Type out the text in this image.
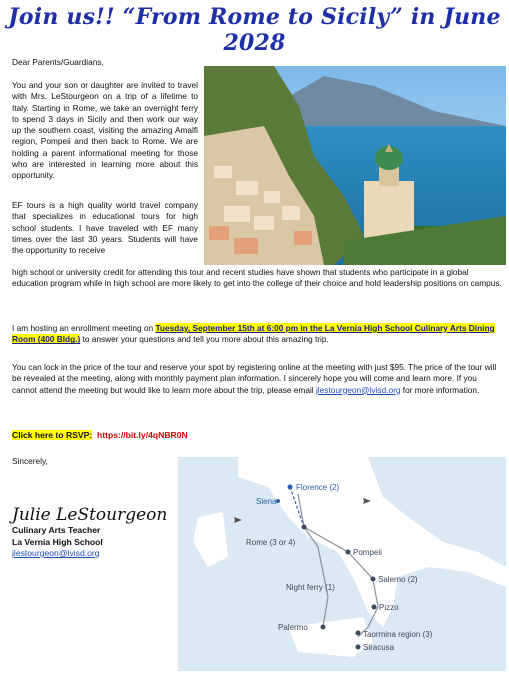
Join us!! “From Rome to Sicily” in June 2028
Dear Parents/Guardians,
You and your son or daughter are invited to travel with Mrs. LeStourgeon on a trip of a lifetime to Italy. Starting in Rome, we take an overnight ferry to spend 3 days in Sicily and then work our way up the southern coast, visiting the amazing Amalfi region, Pompeii and then back to Rome. We are holding a parent informational meeting for those who are interested in learning more about this opportunity.
EF tours is a high quality world travel company that specializes in educational tours for high school students. I have traveled with EF many times over the last 30 years. Students will have the opportunity to receive
high school or university credit for attending this tour and recent studies have shown that students who participate in a global education program while in high school are more likely to get into the college of their choice and hold leadership positions on campus.
I am hosting an enrollment meeting on Tuesday, September 15th at 6:00 pm in the La Vernia High School Culinary Arts Dining Room (400 Bldg.) to answer your questions and tell you more about this amazing trip.
You can lock in the price of the tour and reserve your spot by registering online at the meeting with just $95. The price of the tour will be revealed at the meeting, along with monthly payment plan information. I sincerely hope you will come and learn more. If you cannot attend the meeting but would like to learn more about the trip, please email jlestourgeon@lvisd.org for more information.
Click here to RSVP: https://bit.ly/4qNBR0N
Sincerely,
Julie LeStourgeon
Culinary Arts Teacher
La Vernia High School
jlestourgeon@lvisd.org
Florence (2)
Siena
Rome (3 or 4)
Pompeii
Salerno (2)
Night ferry (1)
Pizzo
Palermo
Taormina region (3)
Siracusa
